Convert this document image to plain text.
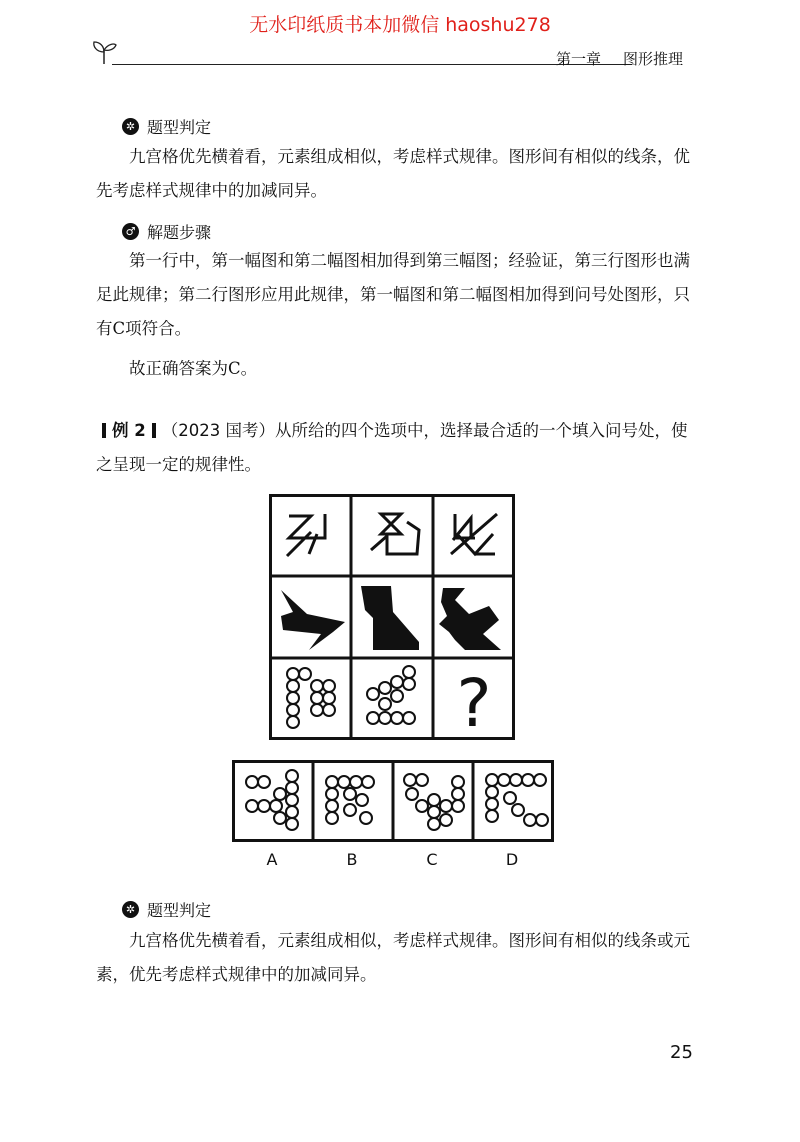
无水印纸质书本加微信 haoshu278
第一章 图形推理
✲ 题型判定

九宫格优先横着看，元素组成相似，考虑样式规律。图形间有相似的线条，优先考虑样式规律中的加减同异。

♂ 解题步骤

第一行中，第一幅图和第二幅图相加得到第三幅图；经验证，第三行图形也满足此规律；第二行图形应用此规律，第一幅图和第二幅图相加得到问号处图形，只有C项符合。

故正确答案为C。

例 2 （2023 国考）从所给的四个选项中，选择最合适的一个填入问号处，使之呈现一定的规律性。

?
A	B	C	D
✲ 题型判定

九宫格优先横着看，元素组成相似，考虑样式规律。图形间有相似的线条或元素，优先考虑样式规律中的加减同异。

25
